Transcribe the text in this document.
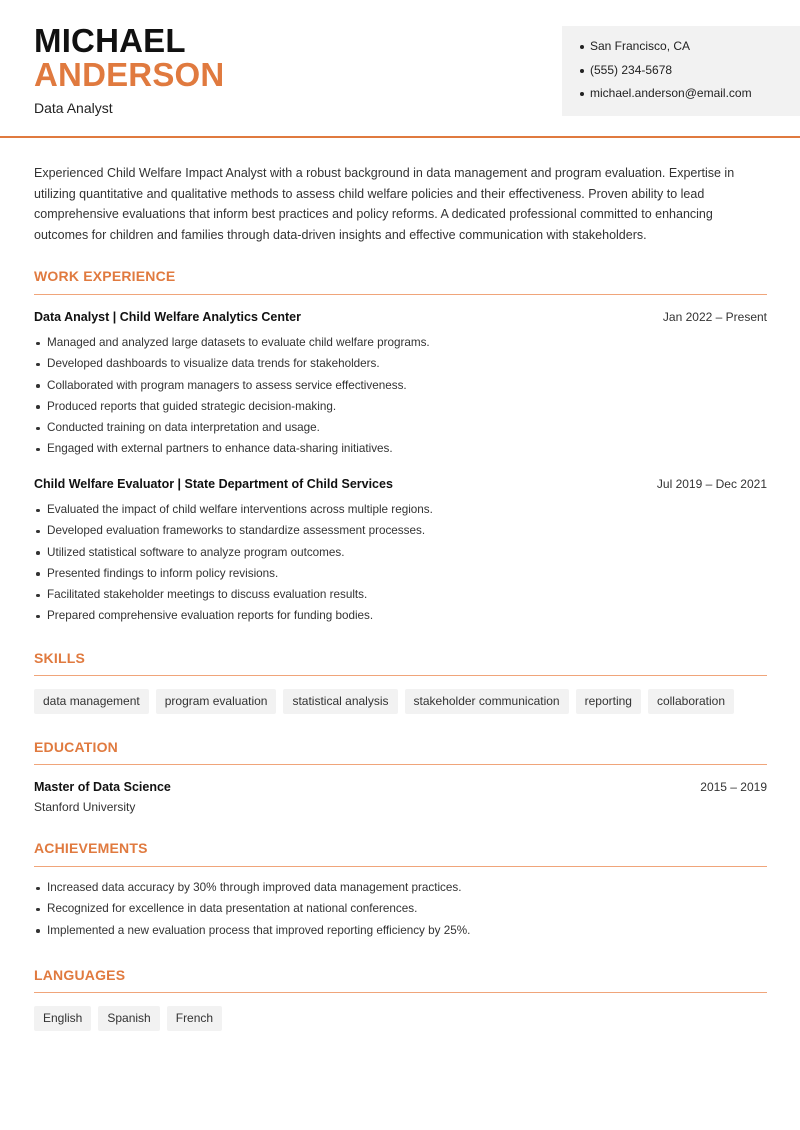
MICHAEL
ANDERSON
Data Analyst
San Francisco, CA
(555) 234-5678
michael.anderson@email.com
Experienced Child Welfare Impact Analyst with a robust background in data management and program evaluation. Expertise in utilizing quantitative and qualitative methods to assess child welfare policies and their effectiveness. Proven ability to lead comprehensive evaluations that inform best practices and policy reforms. A dedicated professional committed to enhancing outcomes for children and families through data-driven insights and effective communication with stakeholders.
WORK EXPERIENCE
Data Analyst | Child Welfare Analytics Center	Jan 2022 – Present
Managed and analyzed large datasets to evaluate child welfare programs.
Developed dashboards to visualize data trends for stakeholders.
Collaborated with program managers to assess service effectiveness.
Produced reports that guided strategic decision-making.
Conducted training on data interpretation and usage.
Engaged with external partners to enhance data-sharing initiatives.
Child Welfare Evaluator | State Department of Child Services	Jul 2019 – Dec 2021
Evaluated the impact of child welfare interventions across multiple regions.
Developed evaluation frameworks to standardize assessment processes.
Utilized statistical software to analyze program outcomes.
Presented findings to inform policy revisions.
Facilitated stakeholder meetings to discuss evaluation results.
Prepared comprehensive evaluation reports for funding bodies.
SKILLS
data management	program evaluation	statistical analysis	stakeholder communication	reporting	collaboration
EDUCATION
Master of Data Science	2015 – 2019
Stanford University
ACHIEVEMENTS
Increased data accuracy by 30% through improved data management practices.
Recognized for excellence in data presentation at national conferences.
Implemented a new evaluation process that improved reporting efficiency by 25%.
LANGUAGES
English	Spanish	French
